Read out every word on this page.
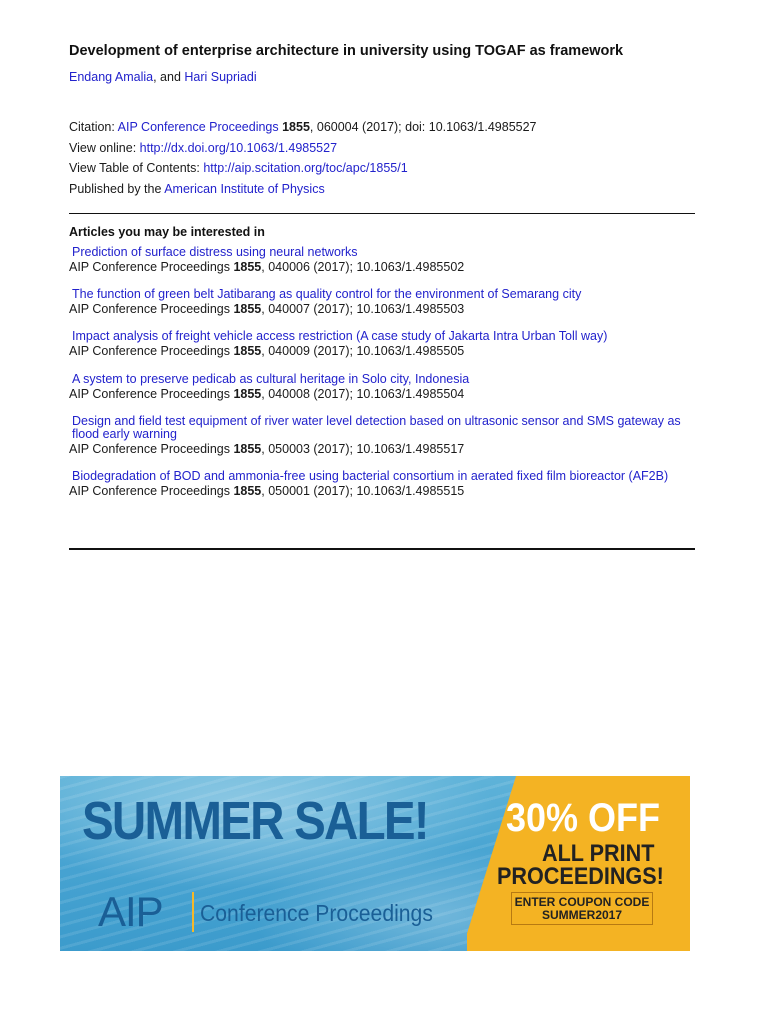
Development of enterprise architecture in university using TOGAF as framework
Endang Amalia, and Hari Supriadi
Citation: AIP Conference Proceedings 1855, 060004 (2017); doi: 10.1063/1.4985527
View online: http://dx.doi.org/10.1063/1.4985527
View Table of Contents: http://aip.scitation.org/toc/apc/1855/1
Published by the American Institute of Physics
Articles you may be interested in
Prediction of surface distress using neural networks
AIP Conference Proceedings 1855, 040006 (2017); 10.1063/1.4985502
The function of green belt Jatibarang as quality control for the environment of Semarang city
AIP Conference Proceedings 1855, 040007 (2017); 10.1063/1.4985503
Impact analysis of freight vehicle access restriction (A case study of Jakarta Intra Urban Toll way)
AIP Conference Proceedings 1855, 040009 (2017); 10.1063/1.4985505
A system to preserve pedicab as cultural heritage in Solo city, Indonesia
AIP Conference Proceedings 1855, 040008 (2017); 10.1063/1.4985504
Design and field test equipment of river water level detection based on ultrasonic sensor and SMS gateway as flood early warning
AIP Conference Proceedings 1855, 050003 (2017); 10.1063/1.4985517
Biodegradation of BOD and ammonia-free using bacterial consortium in aerated fixed film bioreactor (AF2B)
AIP Conference Proceedings 1855, 050001 (2017); 10.1063/1.4985515
SUMMER SALE!
AIP Conference Proceedings
30% OFF
ALL PRINT
PROCEEDINGS!
ENTER COUPON CODE
SUMMER2017
